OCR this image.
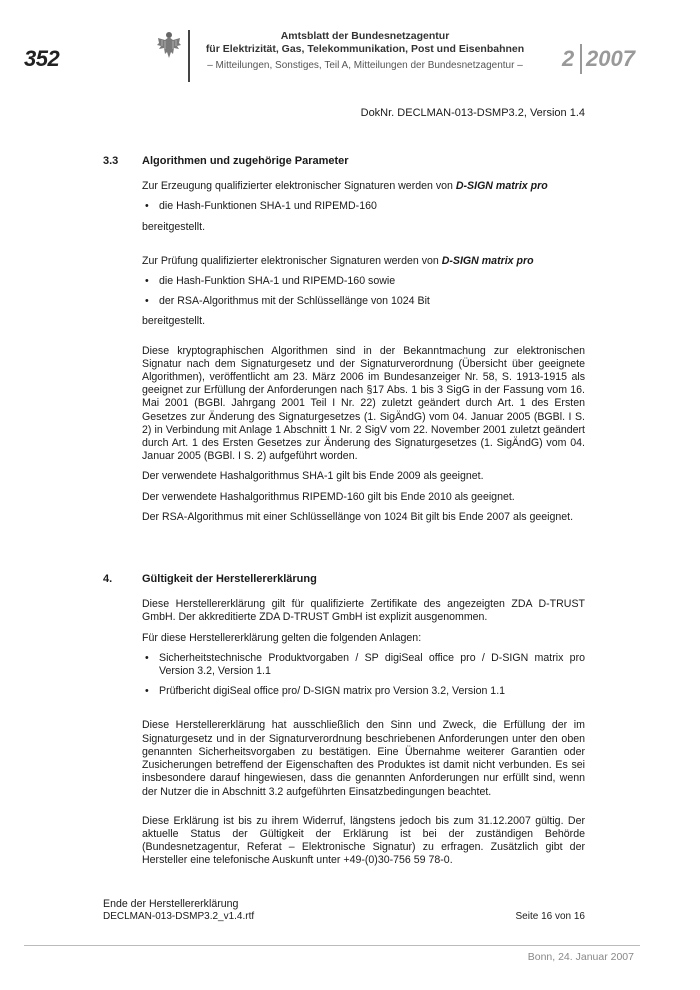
352
Amtsblatt der Bundesnetzagentur
für Elektrizität, Gas, Telekommunikation, Post und Eisenbahnen
– Mitteilungen, Sonstiges, Teil A, Mitteilungen der Bundesnetzagentur –	2 2007
DokNr. DECLMAN-013-DSMP3.2, Version 1.4
3.3	Algorithmen und zugehörige Parameter

Zur Erzeugung qualifizierter elektronischer Signaturen werden von D-SIGN matrix pro

• die Hash-Funktionen SHA-1 und RIPEMD-160

bereitgestellt.

Zur Prüfung qualifizierter elektronischer Signaturen werden von D-SIGN matrix pro

• die Hash-Funktion SHA-1 und RIPEMD-160 sowie
• der RSA-Algorithmus mit der Schlüssellänge von 1024 Bit

bereitgestellt.

Diese kryptographischen Algorithmen sind in der Bekanntmachung zur elektronischen Signatur nach dem Signaturgesetz und der Signaturverordnung (Übersicht über geeignete Algorithmen), veröffentlicht am 23. März 2006 im Bundesanzeiger Nr. 58, S. 1913-1915 als geeignet zur Erfüllung der Anforderungen nach §17 Abs. 1 bis 3 SigG in der Fassung vom 16. Mai 2001 (BGBl. Jahrgang 2001 Teil I Nr. 22) zuletzt geändert durch Art. 1 des Ersten Gesetzes zur Änderung des Signaturgesetzes (1. SigÄndG) vom 04. Januar 2005 (BGBl. I S. 2) in Verbindung mit Anlage 1 Abschnitt 1 Nr. 2 SigV vom 22. November 2001 zuletzt geändert durch Art. 1 des Ersten Gesetzes zur Änderung des Signaturgesetzes (1. SigÄndG) vom 04. Januar 2005 (BGBl. I S. 2) aufgeführt worden.

Der verwendete Hashalgorithmus SHA-1 gilt bis Ende 2009 als geeignet.

Der verwendete Hashalgorithmus RIPEMD-160 gilt bis Ende 2010 als geeignet.

Der RSA-Algorithmus mit einer Schlüssellänge von 1024 Bit gilt bis Ende 2007 als geeignet.

4.	Gültigkeit der Herstellererklärung

Diese Herstellererklärung gilt für qualifizierte Zertifikate des angezeigten ZDA D-TRUST GmbH. Der akkreditierte ZDA D-TRUST GmbH ist explizit ausgenommen.

Für diese Herstellererklärung gelten die folgenden Anlagen:

• Sicherheitstechnische Produktvorgaben / SP digiSeal office pro / D-SIGN matrix pro Version 3.2, Version 1.1
• Prüfbericht digiSeal office pro/ D-SIGN matrix pro Version 3.2, Version 1.1

Diese Herstellererklärung hat ausschließlich den Sinn und Zweck, die Erfüllung der im Signaturgesetz und in der Signaturverordnung beschriebenen Anforderungen unter den oben genannten Sicherheitsvorgaben zu bestätigen. Eine Übernahme weiterer Garantien oder Zusicherungen betreffend der Eigenschaften des Produktes ist damit nicht verbunden. Es sei insbesondere darauf hingewiesen, dass die genannten Anforderungen nur erfüllt sind, wenn der Nutzer die in Abschnitt 3.2 aufgeführten Einsatzbedingungen beachtet.

Diese Erklärung ist bis zu ihrem Widerruf, längstens jedoch bis zum 31.12.2007 gültig. Der aktuelle Status der Gültigkeit der Erklärung ist bei der zuständigen Behörde (Bundesnetzagentur, Referat – Elektronische Signatur) zu erfragen. Zusätzlich gibt der Hersteller eine telefonische Auskunft unter +49-(0)30-756 59 78-0.

Ende der Herstellererklärung

DECLMAN-013-DSMP3.2_v1.4.rtf	Seite 16 von 16
Bonn, 24. Januar 2007
